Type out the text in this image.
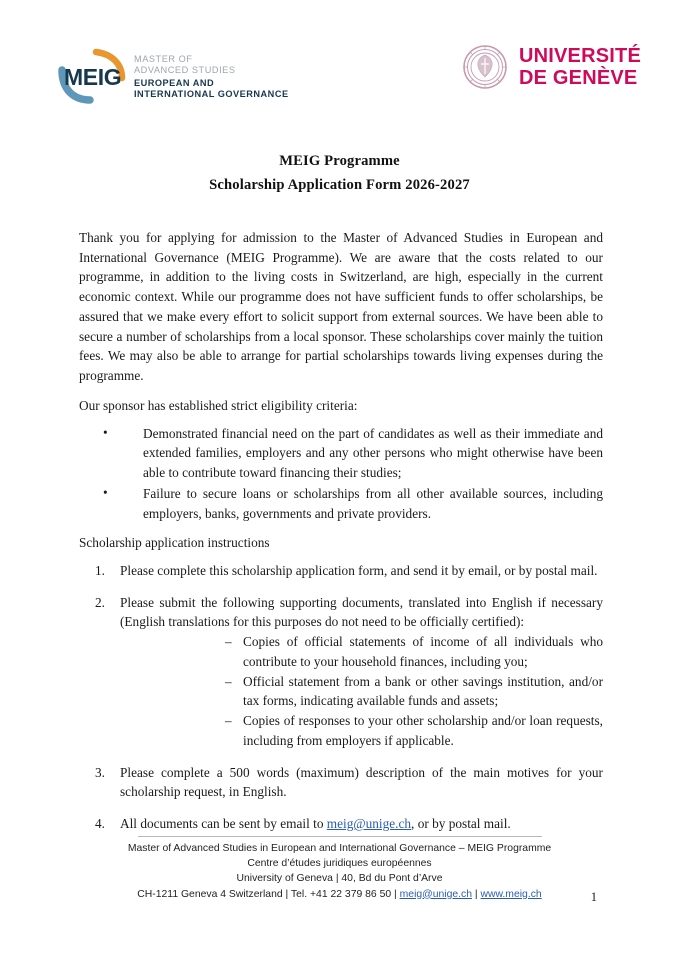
MEIG
MASTER OF
ADVANCED STUDIES
EUROPEAN AND
INTERNATIONAL GOVERNANCE
UNIVERSITÉ
DE GENÈVE
MEIG Programme
Scholarship Application Form 2026-2027

Thank you for applying for admission to the Master of Advanced Studies in European and International Governance (MEIG Programme). We are aware that the costs related to our programme, in addition to the living costs in Switzerland, are high, especially in the current economic context. While our programme does not have sufficient funds to offer scholarships, be assured that we make every effort to solicit support from external sources. We have been able to secure a number of scholarships from a local sponsor. These scholarships cover mainly the tuition fees. We may also be able to arrange for partial scholarships towards living expenses during the programme.

Our sponsor has established strict eligibility criteria:

•	Demonstrated financial need on the part of candidates as well as their immediate and extended families, employers and any other persons who might otherwise have been able to contribute toward financing their studies;
•	Failure to secure loans or scholarships from all other available sources, including employers, banks, governments and private providers.

Scholarship application instructions

1.	Please complete this scholarship application form, and send it by email, or by postal mail.
2.	Please submit the following supporting documents, translated into English if necessary (English translations for this purposes do not need to be officially certified):
– Copies of official statements of income of all individuals who contribute to your household finances, including you;
– Official statement from a bank or other savings institution, and/or tax forms, indicating available funds and assets;
– Copies of responses to your other scholarship and/or loan requests, including from employers if applicable.
3.	Please complete a 500 words (maximum) description of the main motives for your scholarship request, in English.
4.	All documents can be sent by email to meig@unige.ch, or by postal mail.
Master of Advanced Studies in European and International Governance – MEIG Programme
Centre d’études juridiques européennes
University of Geneva | 40, Bd du Pont d’Arve
CH-1211 Geneva 4 Switzerland | Tel. +41 22 379 86 50 | meig@unige.ch | www.meig.ch	1
